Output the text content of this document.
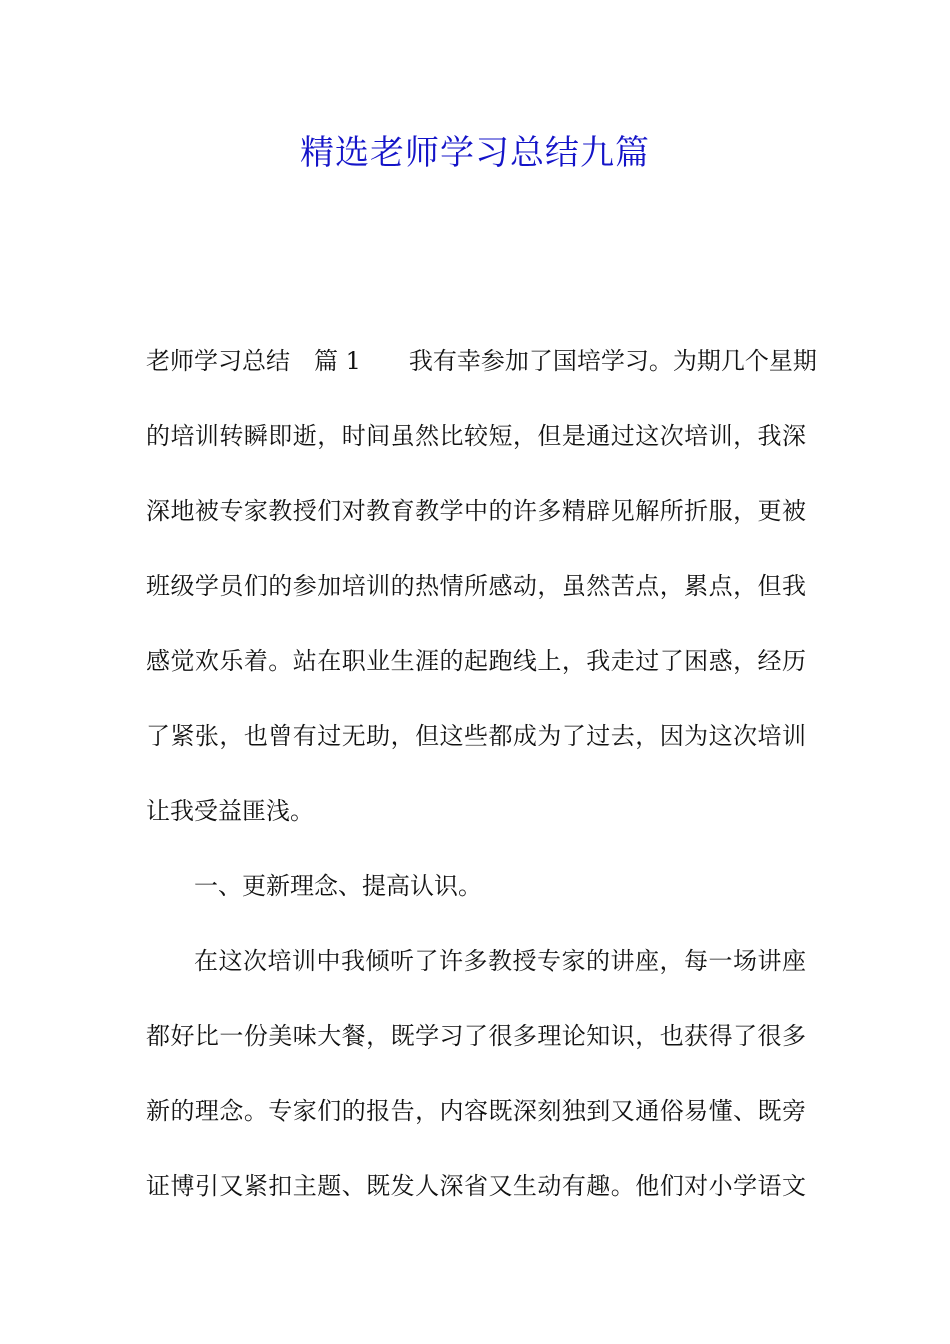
精选老师学习总结九篇
老师学习总结 篇 1 我有幸参加了国培学习。为期几个星期
的培训转瞬即逝，时间虽然比较短，但是通过这次培训，我深
深地被专家教授们对教育教学中的许多精辟见解所折服，更被
班级学员们的参加培训的热情所感动，虽然苦点，累点，但我
感觉欢乐着。站在职业生涯的起跑线上，我走过了困惑，经历
了紧张，也曾有过无助，但这些都成为了过去，因为这次培训
让我受益匪浅。
一、更新理念、提高认识。
在这次培训中我倾听了许多教授专家的讲座，每一场讲座
都好比一份美味大餐，既学习了很多理论知识，也获得了很多
新的理念。专家们的报告，内容既深刻独到又通俗易懂、既旁
证博引又紧扣主题、既发人深省又生动有趣。他们对小学语文
